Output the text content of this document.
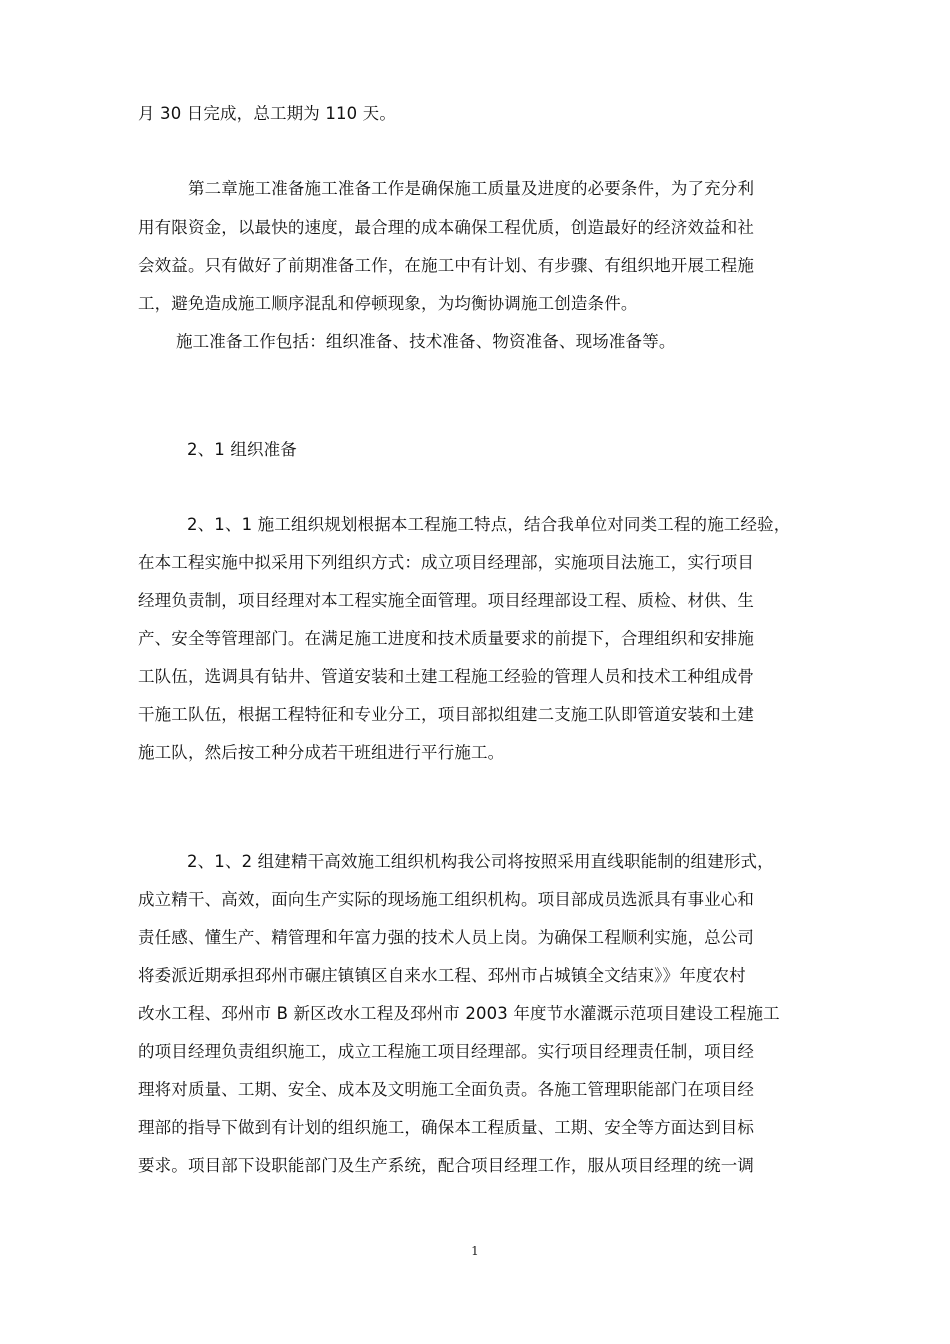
月 30 日完成，总工期为 110 天。
第二章施工准备施工准备工作是确保施工质量及进度的必要条件，为了充分利
用有限资金，以最快的速度，最合理的成本确保工程优质，创造最好的经济效益和社
会效益。只有做好了前期准备工作，在施工中有计划、有步骤、有组织地开展工程施
工，避免造成施工顺序混乱和停顿现象，为均衡协调施工创造条件。
施工准备工作包括：组织准备、技术准备、物资准备、现场准备等。
2、1 组织准备
2、1、1 施工组织规划根据本工程施工特点，结合我单位对同类工程的施工经验，
在本工程实施中拟采用下列组织方式：成立项目经理部，实施项目法施工，实行项目
经理负责制，项目经理对本工程实施全面管理。项目经理部设工程、质检、材供、生
产、安全等管理部门。在满足施工进度和技术质量要求的前提下，合理组织和安排施
工队伍，选调具有钻井、管道安装和土建工程施工经验的管理人员和技术工种组成骨
干施工队伍，根据工程特征和专业分工，项目部拟组建二支施工队即管道安装和土建
施工队，然后按工种分成若干班组进行平行施工。
2、1、2 组建精干高效施工组织机构我公司将按照采用直线职能制的组建形式，
成立精干、高效，面向生产实际的现场施工组织机构。项目部成员选派具有事业心和
责任感、懂生产、精管理和年富力强的技术人员上岗。为确保工程顺利实施，总公司
将委派近期承担邳州市碾庄镇镇区自来水工程、邳州市占城镇全文结束》》年度农村
改水工程、邳州市 B 新区改水工程及邳州市 2003 年度节水灌溉示范项目建设工程施工
的项目经理负责组织施工，成立工程施工项目经理部。实行项目经理责任制，项目经
理将对质量、工期、安全、成本及文明施工全面负责。各施工管理职能部门在项目经
理部的指导下做到有计划的组织施工，确保本工程质量、工期、安全等方面达到目标
要求。项目部下设职能部门及生产系统，配合项目经理工作，服从项目经理的统一调
1
